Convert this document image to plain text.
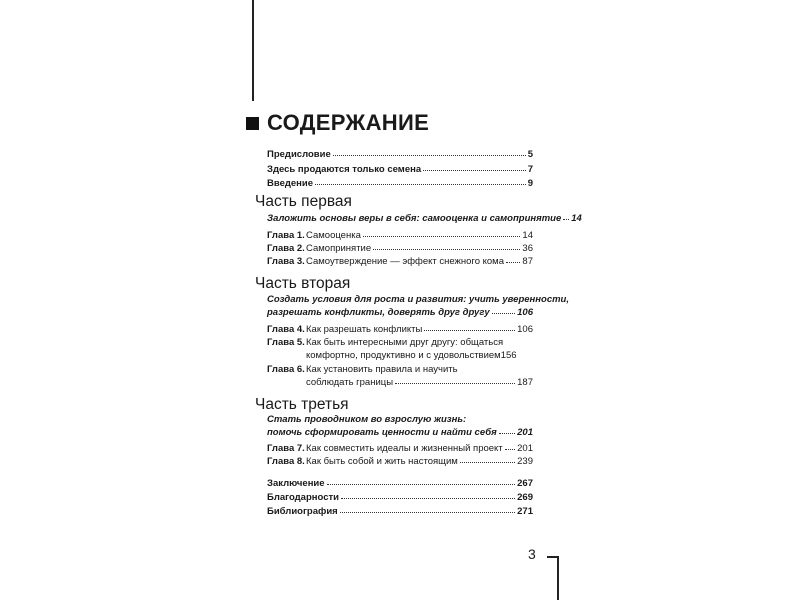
3
СОДЕРЖАНИЕ
Предисловие	5
Здесь продаются только семена	7
Введение	9
Часть первая
Заложить основы веры в себя: самооценка и самопринятие 14
Глава 1. Самооценка	14
Глава 2. Самопринятие	36
Глава 3. Самоутверждение — эффект снежного кома 87
Часть вторая
Создать условия для роста и развития: учить уверенности,
разрешать конфликты, доверять друг другу	106
Глава 4. Как разрешать конфликты	106
Глава 5. Как быть интересными друг другу: общаться
комфортно, продуктивно и с удовольствием 156
Глава 6. Как установить правила и научить
соблюдать границы	187
Часть третья
Стать проводником во взрослую жизнь:
помочь сформировать ценности и найти себя 201
Глава 7. Как совместить идеалы и жизненный проект 201
Глава 8. Как быть собой и жить настоящим	239
Заключение	267
Благодарности	269
Библиография	271
